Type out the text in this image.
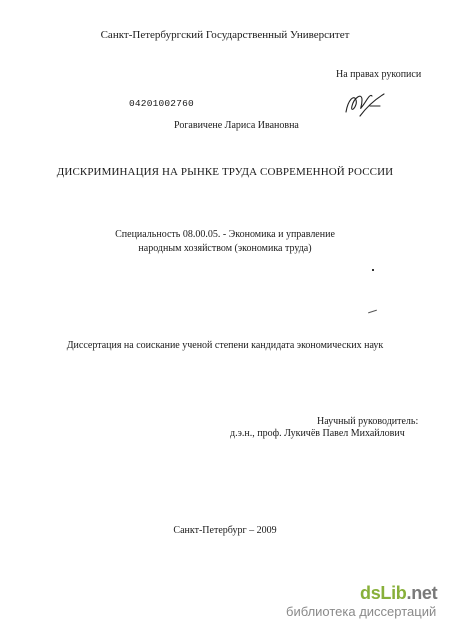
Санкт-Петербургский Государственный Университет
На правах рукописи
04201002760
Рогавичене Лариса Ивановна
ДИСКРИМИНАЦИЯ НА РЫНКЕ ТРУДА СОВРЕМЕННОЙ РОССИИ
Специальность 08.00.05. - Экономика и управление
народным хозяйством (экономика труда)
Диссертация на соискание ученой степени кандидата экономических наук
Научный руководитель:
д.э.н., проф. Лукичёв Павел Михайлович
Санкт-Петербург – 2009
dsLib.net
библиотека диссертаций
